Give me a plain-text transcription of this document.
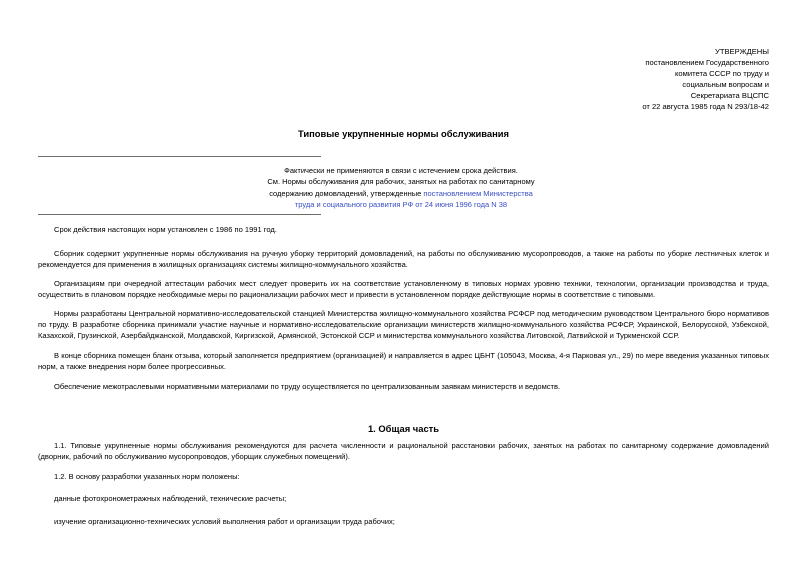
УТВЕРЖДЕНЫ
постановлением Государственного
комитета СССР по труду и
социальным вопросам и
Секретариата ВЦСПС
от 22 августа 1985 года N 293/18-42
Типовые укрупненные нормы обслуживания
Фактически не применяются в связи с истечением срока действия.
См. Нормы обслуживания для рабочих, занятых на работах по санитарному
содержанию домовладений, утвержденные постановлением Министерства
труда и социального развития РФ от 24 июня 1996 года N 38

Срок действия настоящих норм установлен с 1986 по 1991 год.

Сборник содержит укрупненные нормы обслуживания на ручную уборку территорий домовладений, на работы по обслуживанию мусоропроводов, а также на работы по уборке лестничных клеток и рекомендуется для применения в жилищных организациях системы жилищно-коммунального хозяйства.

Организациям при очередной аттестации рабочих мест следует проверить их на соответствие установленному в типовых нормах уровню техники, технологии, организации производства и труда, осуществить в плановом порядке необходимые меры по рационализации рабочих мест и привести в установленном порядке действующие нормы в соответствие с типовыми.

Нормы разработаны Центральной нормативно-исследовательской станцией Министерства жилищно-коммунального хозяйства РСФСР под методическим руководством Центрального бюро нормативов по труду. В разработке сборника принимали участие научные и нормативно-исследовательские организации министерств жилищно-коммунального хозяйства РСФСР, Украинской, Белорусской, Узбекской, Казахской, Грузинской, Азербайджанской, Молдавской, Киргизской, Армянской, Эстонской ССР и министерства коммунального хозяйства Литовской, Латвийской и Туркменской ССР.

В конце сборника помещен бланк отзыва, который заполняется предприятием (организацией) и направляется в адрес ЦБНТ (105043, Москва, 4-я Парковая ул., 29) по мере введения указанных типовых норм, а также внедрения норм более прогрессивных.

Обеспечение межотраслевыми нормативными материалами по труду осуществляется по централизованным заявкам министерств и ведомств.

1.1. Типовые укрупненные нормы обслуживания рекомендуются для расчета численности и рациональной расстановки рабочих, занятых на работах по санитарному содержание домовладений (дворник, рабочий по обслуживанию мусоропроводов, уборщик служебных помещений).

1.2. В основу разработки указанных норм положены:

данные фотохронометражных наблюдений, технические расчеты;

изучение организационно-технических условий выполнения работ и организации труда рабочих;

1. Общая часть
